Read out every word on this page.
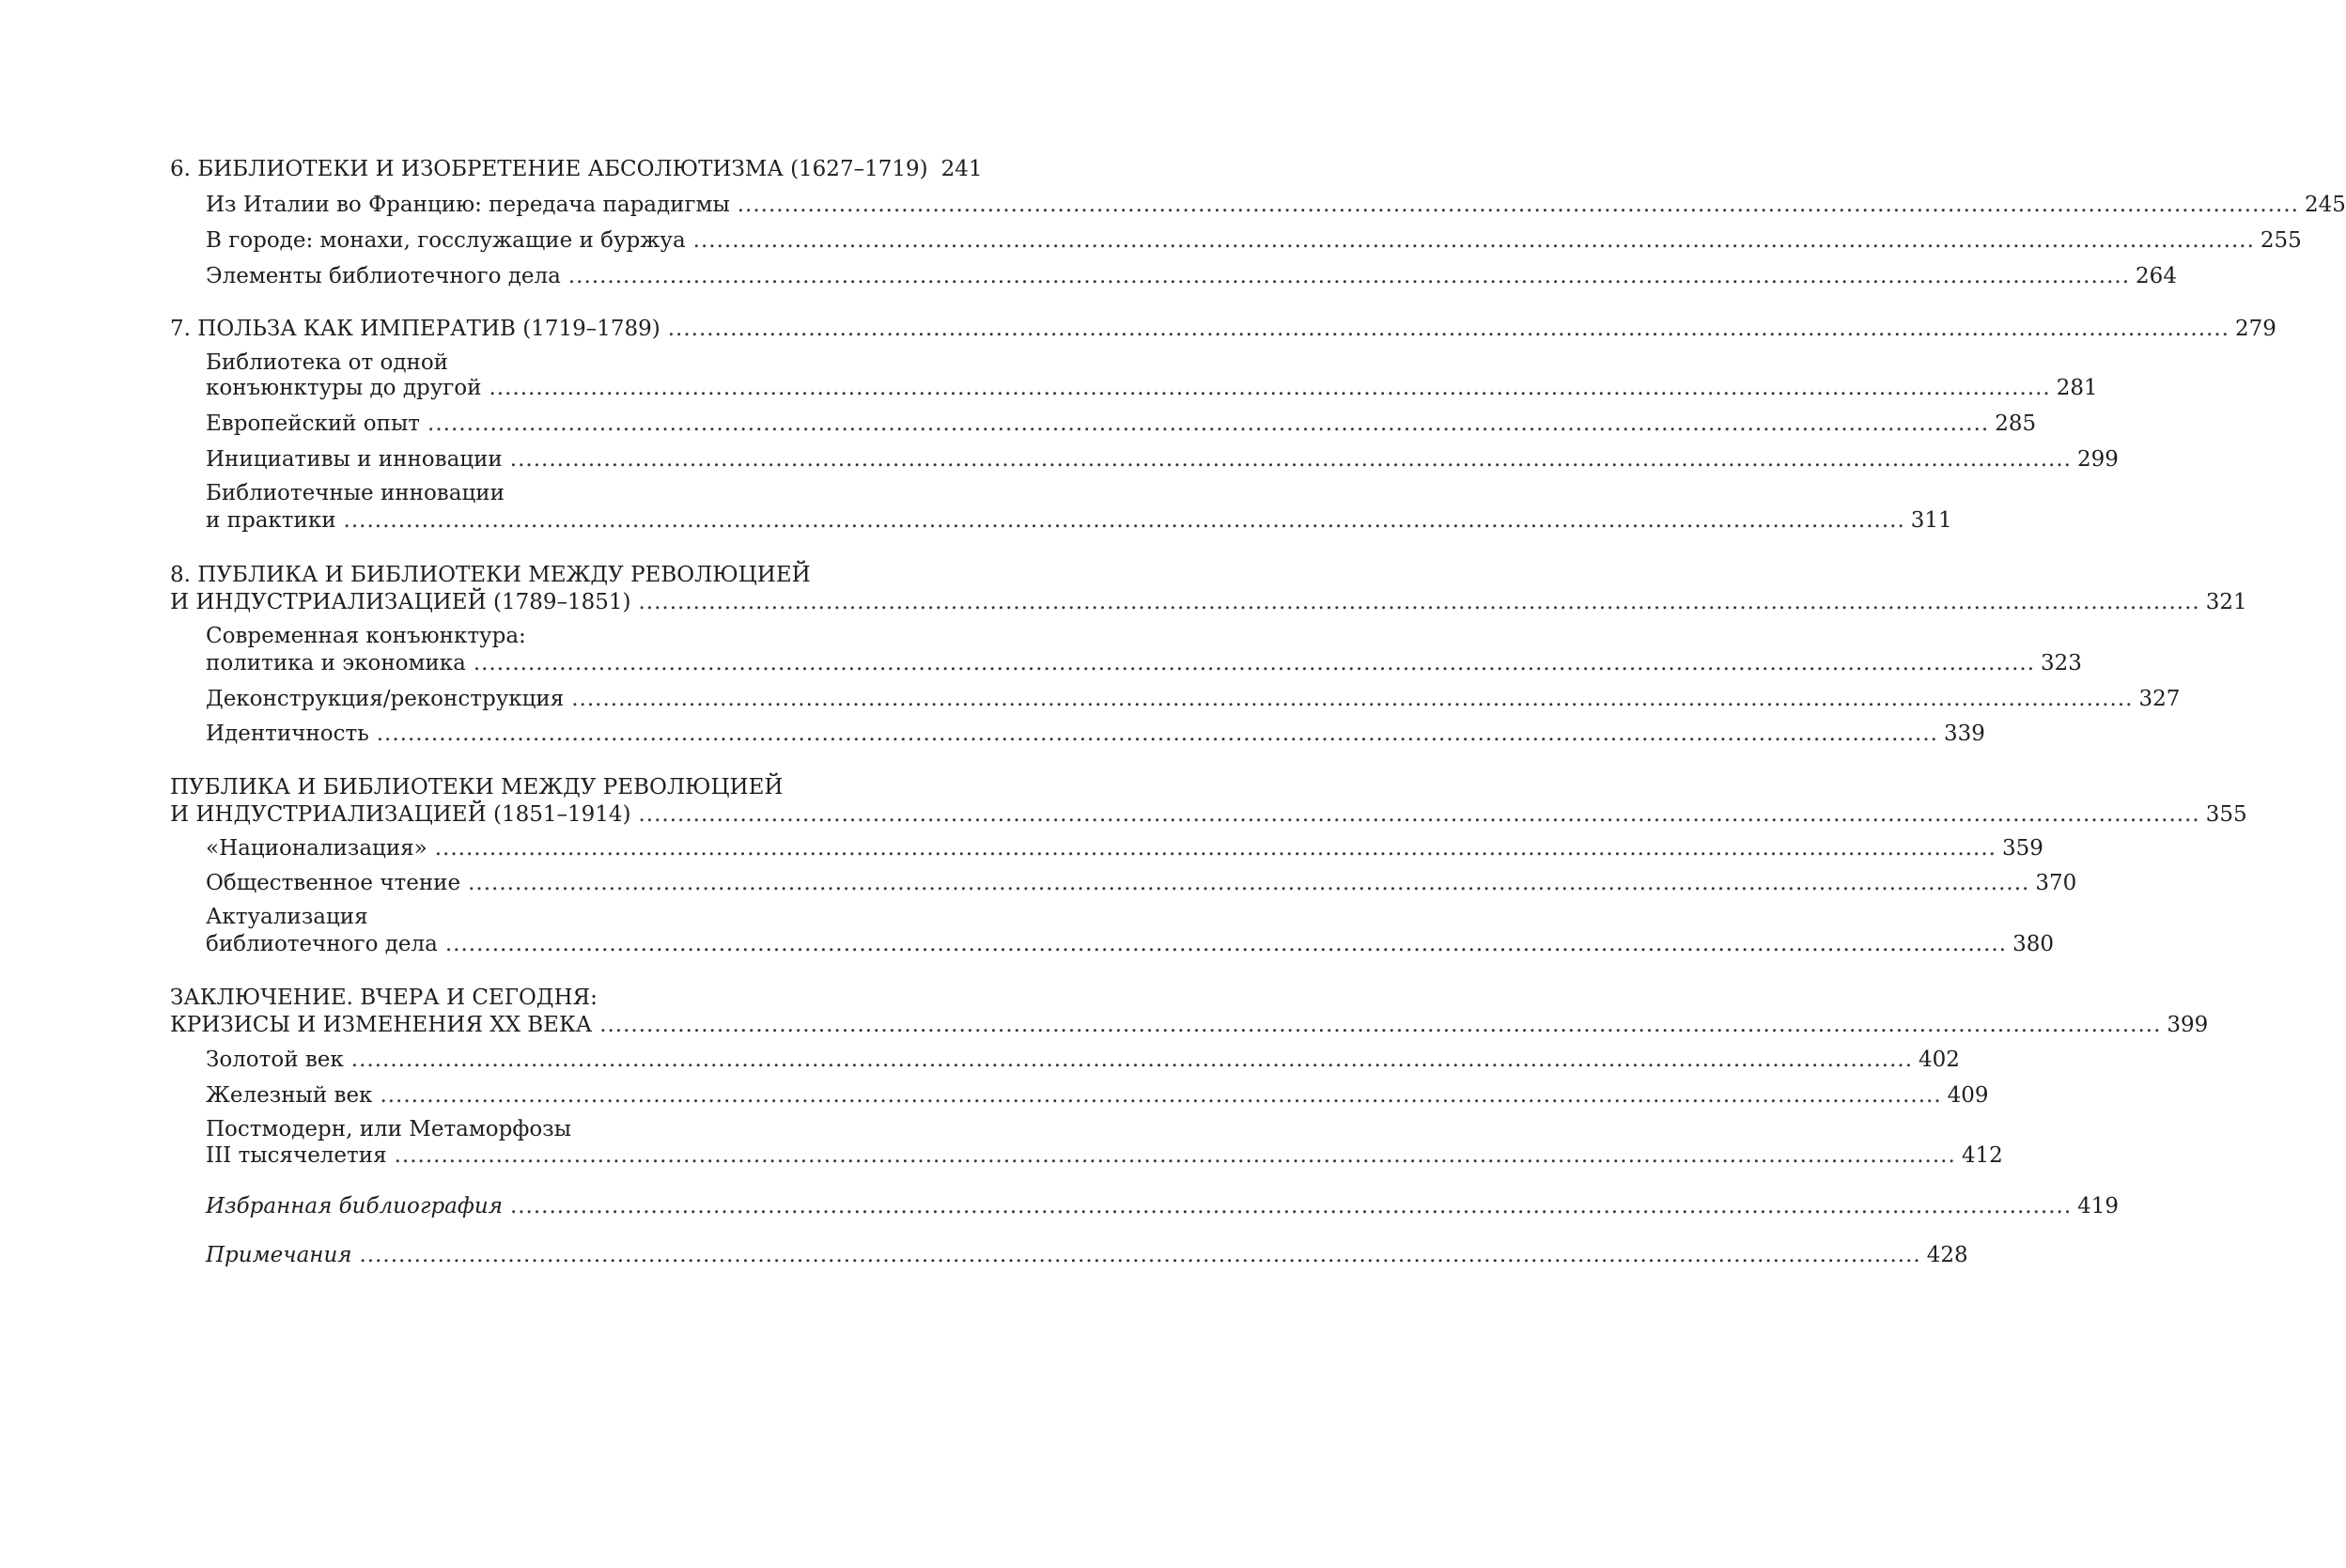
6. БИБЛИОТЕКИ И ИЗОБРЕТЕНИЕ АБСОЛЮТИЗМА (1627–1719) 241
Из Италии во Францию: передача парадигмы ........................................................................................................................................................................................................ 245
В городе: монахи, госслужащие и буржуа ........................................................................................................................................................................................................ 255
Элементы библиотечного дела ........................................................................................................................................................................................................ 264
7. ПОЛЬЗА КАК ИМПЕРАТИВ (1719–1789) ........................................................................................................................................................................................................ 279
Библиотека от одной
конъюнктуры до другой ........................................................................................................................................................................................................ 281
Европейский опыт ........................................................................................................................................................................................................ 285
Инициативы и инновации ........................................................................................................................................................................................................ 299
Библиотечные инновации
и практики ........................................................................................................................................................................................................ 311
8. ПУБЛИКА И БИБЛИОТЕКИ МЕЖДУ РЕВОЛЮЦИЕЙ
И ИНДУСТРИАЛИЗАЦИЕЙ (1789–1851) ........................................................................................................................................................................................................ 321
Современная конъюнктура:
политика и экономика ........................................................................................................................................................................................................ 323
Деконструкция/реконструкция ........................................................................................................................................................................................................ 327
Идентичность ........................................................................................................................................................................................................ 339
ПУБЛИКА И БИБЛИОТЕКИ МЕЖДУ РЕВОЛЮЦИЕЙ
И ИНДУСТРИАЛИЗАЦИЕЙ (1851–1914) ........................................................................................................................................................................................................ 355
«Национализация» ........................................................................................................................................................................................................ 359
Общественное чтение ........................................................................................................................................................................................................ 370
Актуализация
библиотечного дела ........................................................................................................................................................................................................ 380
ЗАКЛЮЧЕНИЕ. ВЧЕРА И СЕГОДНЯ:
КРИЗИСЫ И ИЗМЕНЕНИЯ XX ВЕКА ........................................................................................................................................................................................................ 399
Золотой век ........................................................................................................................................................................................................ 402
Железный век ........................................................................................................................................................................................................ 409
Постмодерн, или Метаморфозы
III тысячелетия ........................................................................................................................................................................................................ 412
Избранная библиография ........................................................................................................................................................................................................ 419
Примечания ........................................................................................................................................................................................................ 428
